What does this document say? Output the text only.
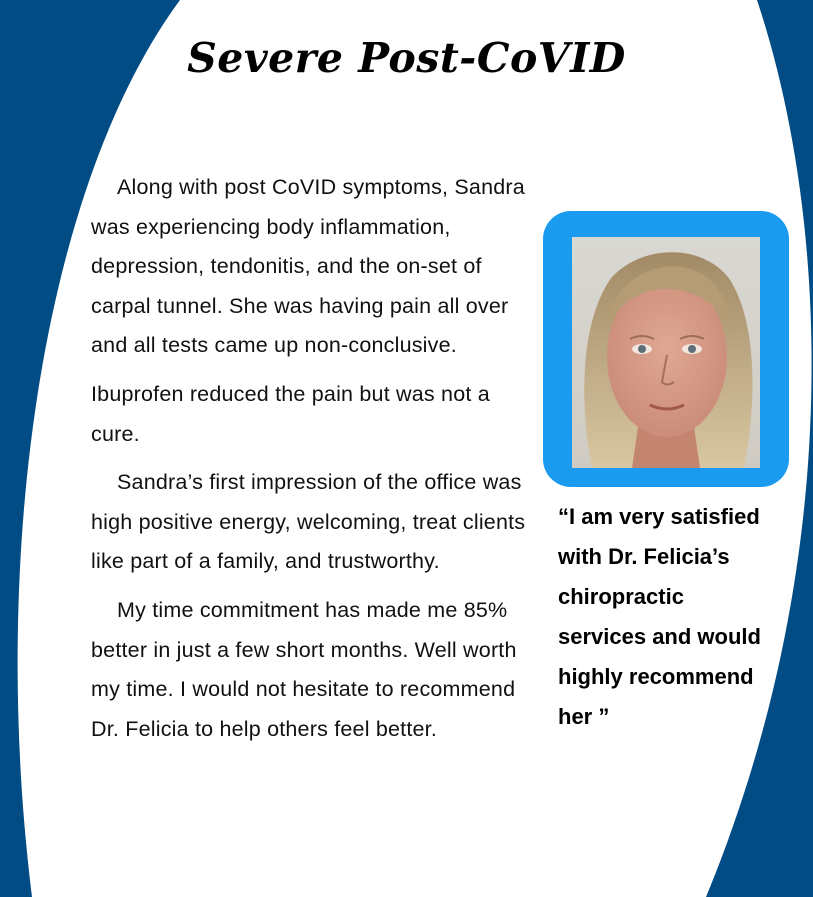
Severe Post-CoVID

Along with post CoVID symptoms, Sandra was experiencing body inflammation, depression, tendonitis, and the on-set of carpal tunnel. She was having pain all over and all tests came up non-conclusive.

Ibuprofen reduced the pain but was not a cure.

Sandra’s first impression of the office was high positive energy, welcoming, treat clients like part of a family, and trustworthy.

My time commitment has made me 85% better in just a few short months. Well worth my time. I would not hesitate to recommend Dr. Felicia to help others feel better.

“I am very satisfied with Dr. Felicia’s chiropractic services and would highly recommend her ”
